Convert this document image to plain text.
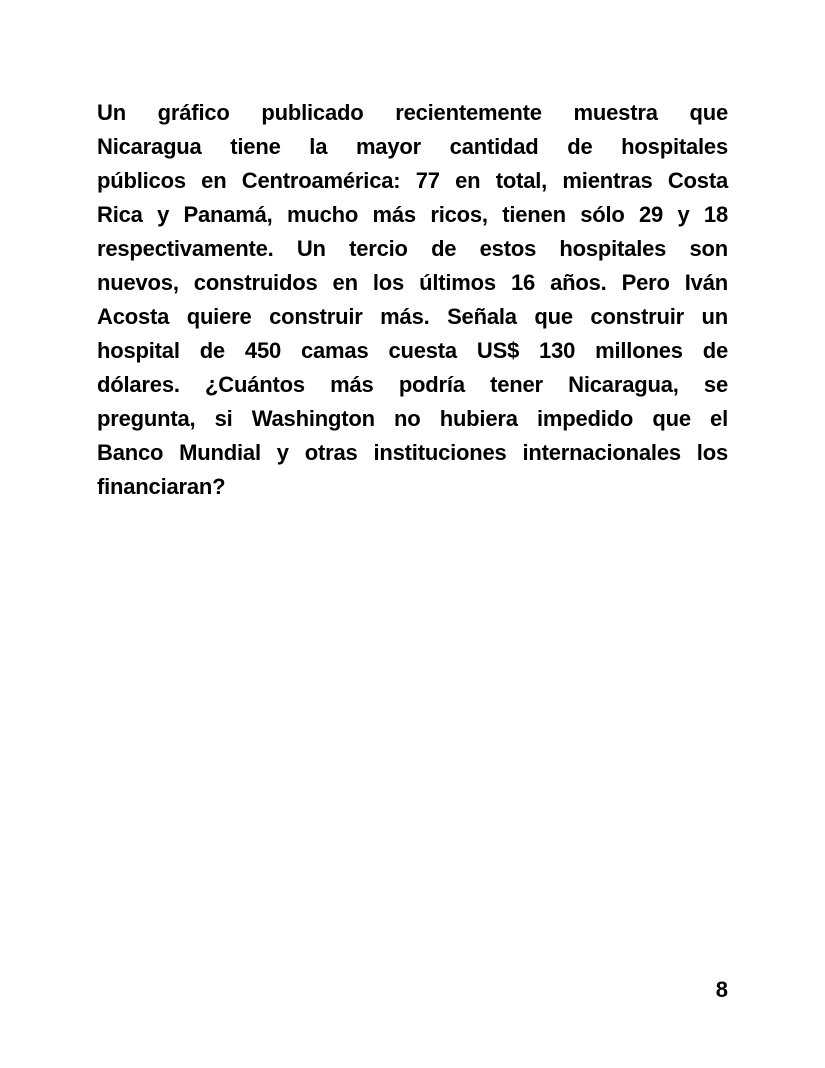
Un gráfico publicado recientemente muestra que
Nicaragua tiene la mayor cantidad de hospitales
públicos en Centroamérica: 77 en total, mientras Costa
Rica y Panamá, mucho más ricos, tienen sólo 29 y 18
respectivamente. Un tercio de estos hospitales son
nuevos, construidos en los últimos 16 años. Pero Iván
Acosta quiere construir más. Señala que construir un
hospital de 450 camas cuesta US$ 130 millones de
dólares. ¿Cuántos más podría tener Nicaragua, se
pregunta, si Washington no hubiera impedido que el
Banco Mundial y otras instituciones internacionales los
financiaran?
8
